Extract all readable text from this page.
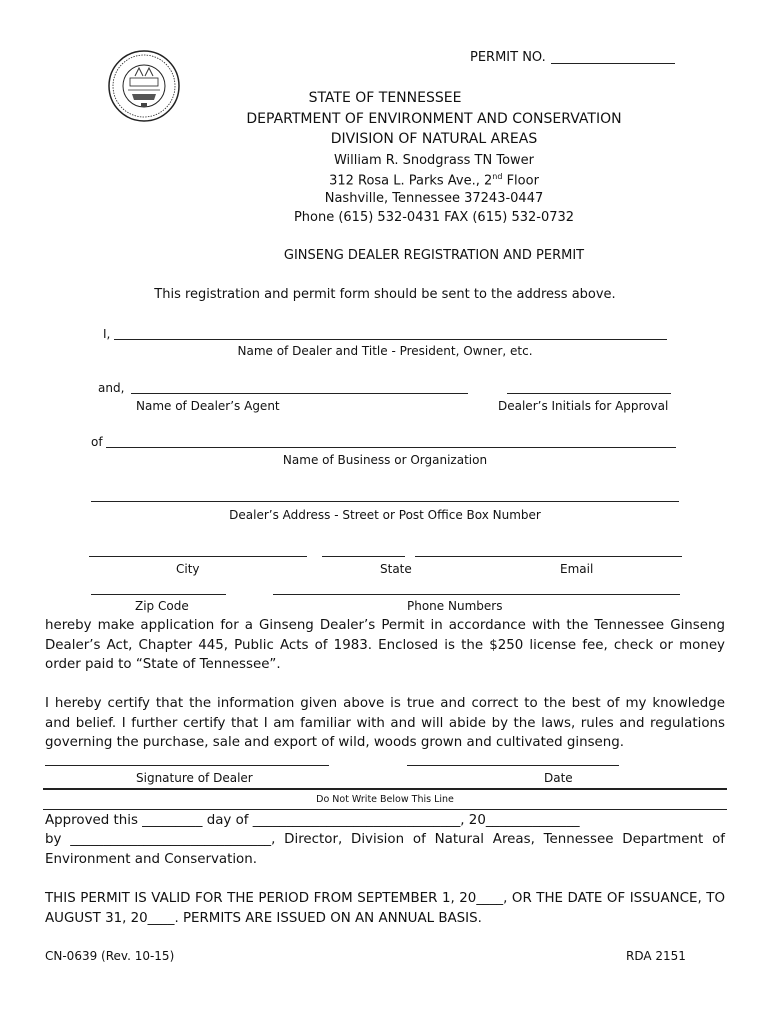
PERMIT NO.
STATE OF TENNESSEE
DEPARTMENT OF ENVIRONMENT AND CONSERVATION
DIVISION OF NATURAL AREAS
William R. Snodgrass TN Tower
312 Rosa L. Parks Ave., 2nd Floor
Nashville, Tennessee 37243-0447
Phone (615) 532-0431 FAX (615) 532-0732
GINSENG DEALER REGISTRATION AND PERMIT
This registration and permit form should be sent to the address above.
I,
Name of Dealer and Title - President, Owner, etc.
and,
Name of Dealer’s Agent	Dealer’s Initials for Approval
of
Name of Business or Organization
Dealer’s Address - Street or Post Office Box Number
City	State	Email
Zip Code	Phone Numbers
hereby make application for a Ginseng Dealer’s Permit in accordance with the Tennessee Ginseng Dealer’s Act, Chapter 445, Public Acts of 1983. Enclosed is the $250 license fee, check or money order paid to “State of Tennessee”.
I hereby certify that the information given above is true and correct to the best of my knowledge and belief. I further certify that I am familiar with and will abide by the laws, rules and regulations governing the purchase, sale and export of wild, woods grown and cultivated ginseng.
Signature of Dealer	Date
Do Not Write Below This Line
Approved this _________ day of _______________________________, 20______________
by ______________________________, Director, Division of Natural Areas, Tennessee Department of Environment and Conservation.
THIS PERMIT IS VALID FOR THE PERIOD FROM SEPTEMBER 1, 20____, OR THE DATE OF ISSUANCE, TO AUGUST 31, 20____. PERMITS ARE ISSUED ON AN ANNUAL BASIS.
CN-0639 (Rev. 10-15)	RDA 2151
